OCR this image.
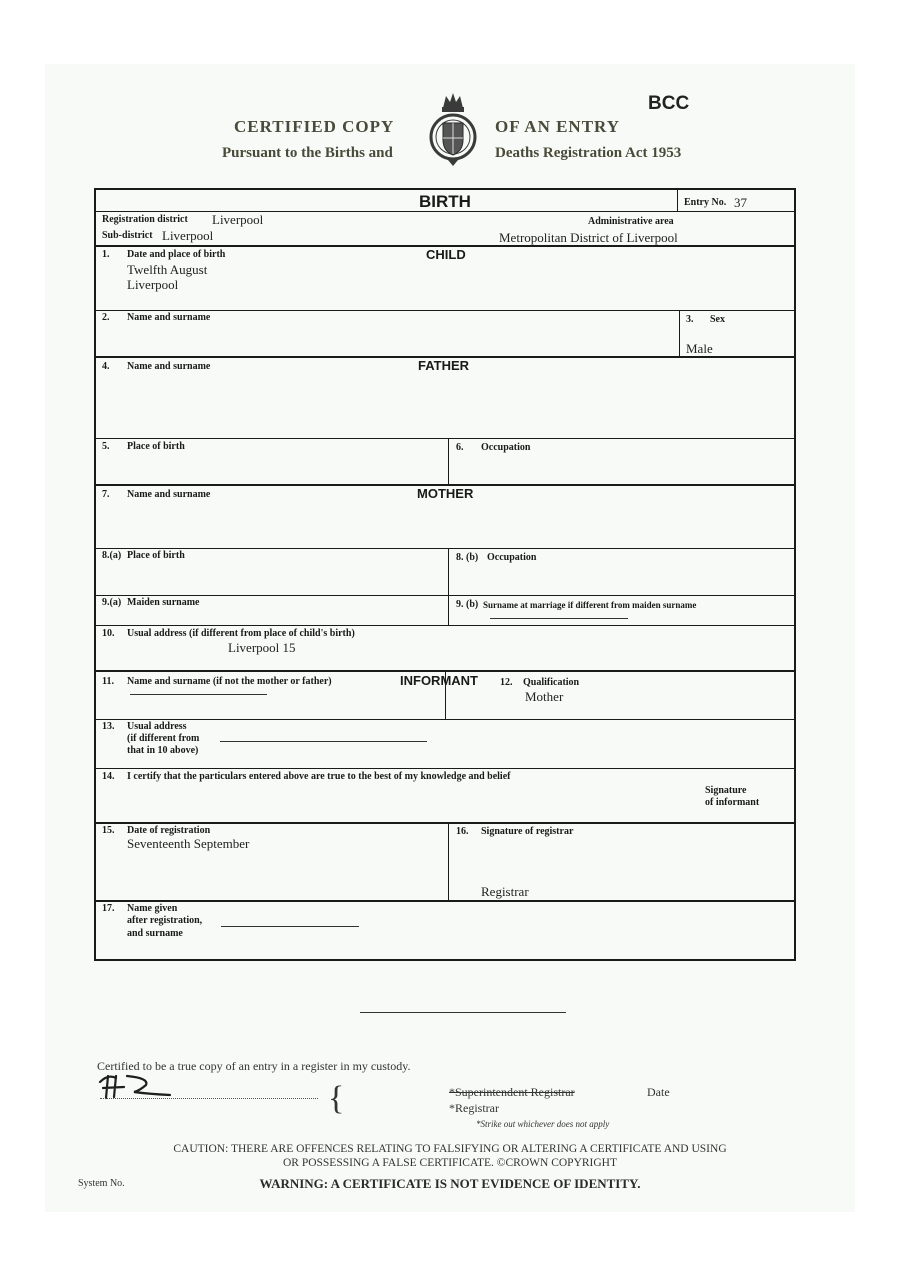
BCC
CERTIFIED COPY	OF AN ENTRY
Pursuant to the Births and	Deaths Registration Act 1953
BIRTH	Entry No. 37
Registration district Liverpool	Administrative area
Metropolitan District of Liverpool
Sub-district Liverpool
CHILD
1. Date and place of birth
Twelfth August
Liverpool
2. Name and surname	3. Sex
Male
FATHER
4. Name and surname
5. Place of birth	6. Occupation
MOTHER
7. Name and surname
8.(a) Place of birth	8. (b) Occupation
9.(a) Maiden surname	9. (b) Surname at marriage if different from maiden surname
10. Usual address (if different from place of child's birth)
Liverpool 15
INFORMANT
11. Name and surname (if not the mother or father)	12. Qualification
Mother
13. Usual address
(if different from
that in 10 above)
14. I certify that the particulars entered above are true to the best of my knowledge and belief
Signature
of informant
15. Date of registration
Seventeenth September
16. Signature of registrar
Registrar
17. Name given
after registration,
and surname
Certified to be a true copy of an entry in a register in my custody.
{	*Superintendent Registrar
*Registrar
Date
*Strike out whichever does not apply
CAUTION: THERE ARE OFFENCES RELATING TO FALSIFYING OR ALTERING A CERTIFICATE AND USING
OR POSSESSING A FALSE CERTIFICATE. ©CROWN COPYRIGHT
System No.	WARNING: A CERTIFICATE IS NOT EVIDENCE OF IDENTITY.
